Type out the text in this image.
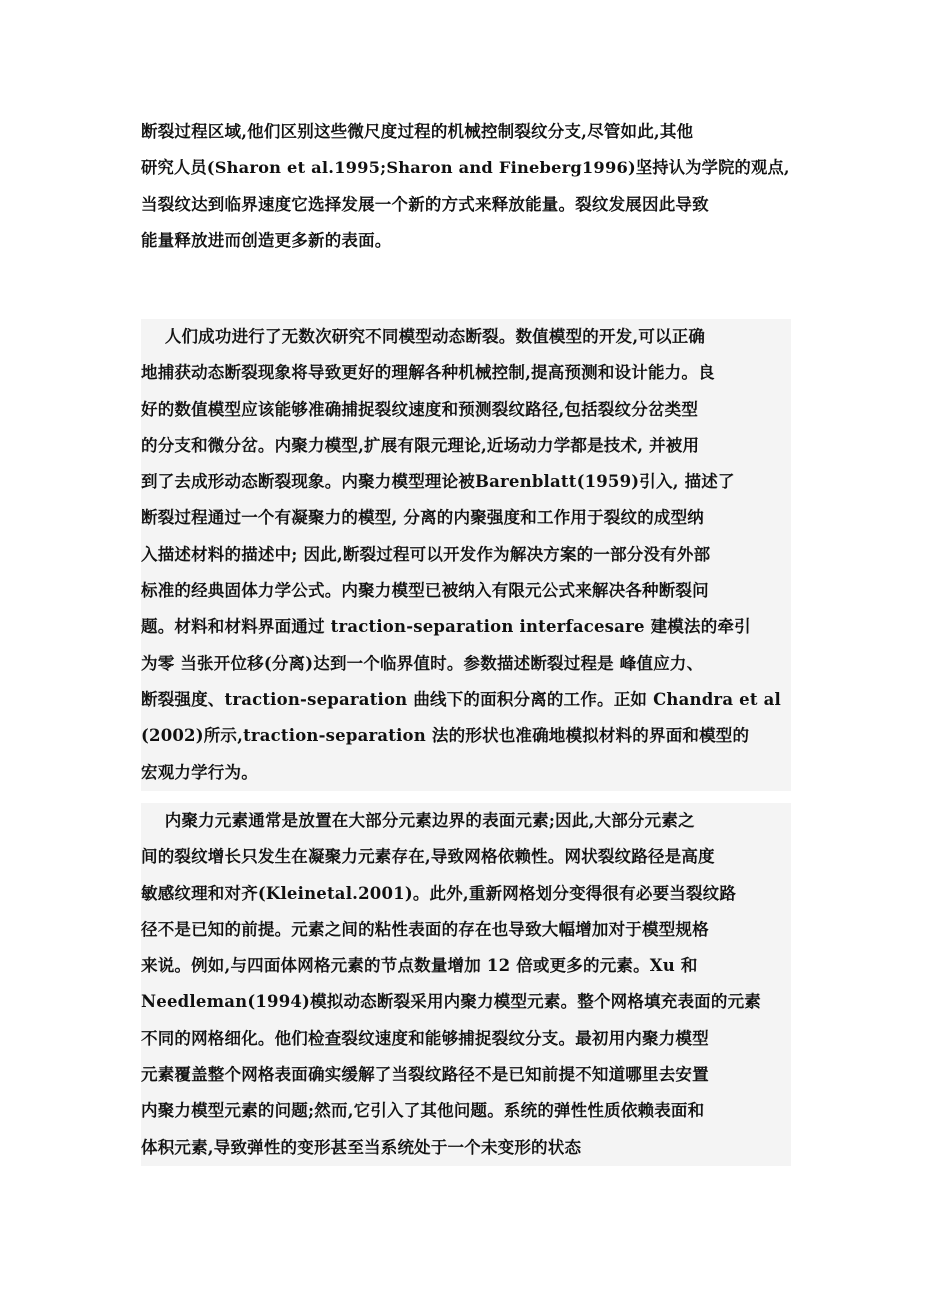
断裂过程区域,他们区别这些微尺度过程的机械控制裂纹分支,尽管如此,其他
研究人员(Sharon et al.1995;Sharon and Fineberg1996)坚持认为学院的观点,
当裂纹达到临界速度它选择发展一个新的方式来释放能量。裂纹发展因此导致
能量释放进而创造更多新的表面。
人们成功进行了无数次研究不同模型动态断裂。数值模型的开发,可以正确
地捕获动态断裂现象将导致更好的理解各种机械控制,提高预测和设计能力。良
好的数值模型应该能够准确捕捉裂纹速度和预测裂纹路径,包括裂纹分岔类型
的分支和微分岔。内聚力模型,扩展有限元理论,近场动力学都是技术, 并被用
到了去成形动态断裂现象。内聚力模型理论被Barenblatt(1959)引入, 描述了
断裂过程通过一个有凝聚力的模型, 分离的内聚强度和工作用于裂纹的成型纳
入描述材料的描述中; 因此,断裂过程可以开发作为解决方案的一部分没有外部
标准的经典固体力学公式。内聚力模型已被纳入有限元公式来解决各种断裂问
题。材料和材料界面通过 traction-separation interfacesare 建模法的牵引
为零 当张开位移(分离)达到一个临界值时。参数描述断裂过程是 峰值应力、
断裂强度、traction-separation 曲线下的面积分离的工作。正如 Chandra et al
(2002)所示,traction-separation 法的形状也准确地模拟材料的界面和模型的
宏观力学行为。
内聚力元素通常是放置在大部分元素边界的表面元素;因此,大部分元素之
间的裂纹增长只发生在凝聚力元素存在,导致网格依赖性。网状裂纹路径是高度
敏感纹理和对齐(Kleinetal.2001)。此外,重新网格划分变得很有必要当裂纹路
径不是已知的前提。元素之间的粘性表面的存在也导致大幅增加对于模型规格
来说。例如,与四面体网格元素的节点数量增加 12 倍或更多的元素。Xu 和
Needleman(1994)模拟动态断裂采用内聚力模型元素。整个网格填充表面的元素
不同的网格细化。他们检查裂纹速度和能够捕捉裂纹分支。最初用内聚力模型
元素覆盖整个网格表面确实缓解了当裂纹路径不是已知前提不知道哪里去安置
内聚力模型元素的问题;然而,它引入了其他问题。系统的弹性性质依赖表面和
体积元素,导致弹性的变形甚至当系统处于一个未变形的状态
